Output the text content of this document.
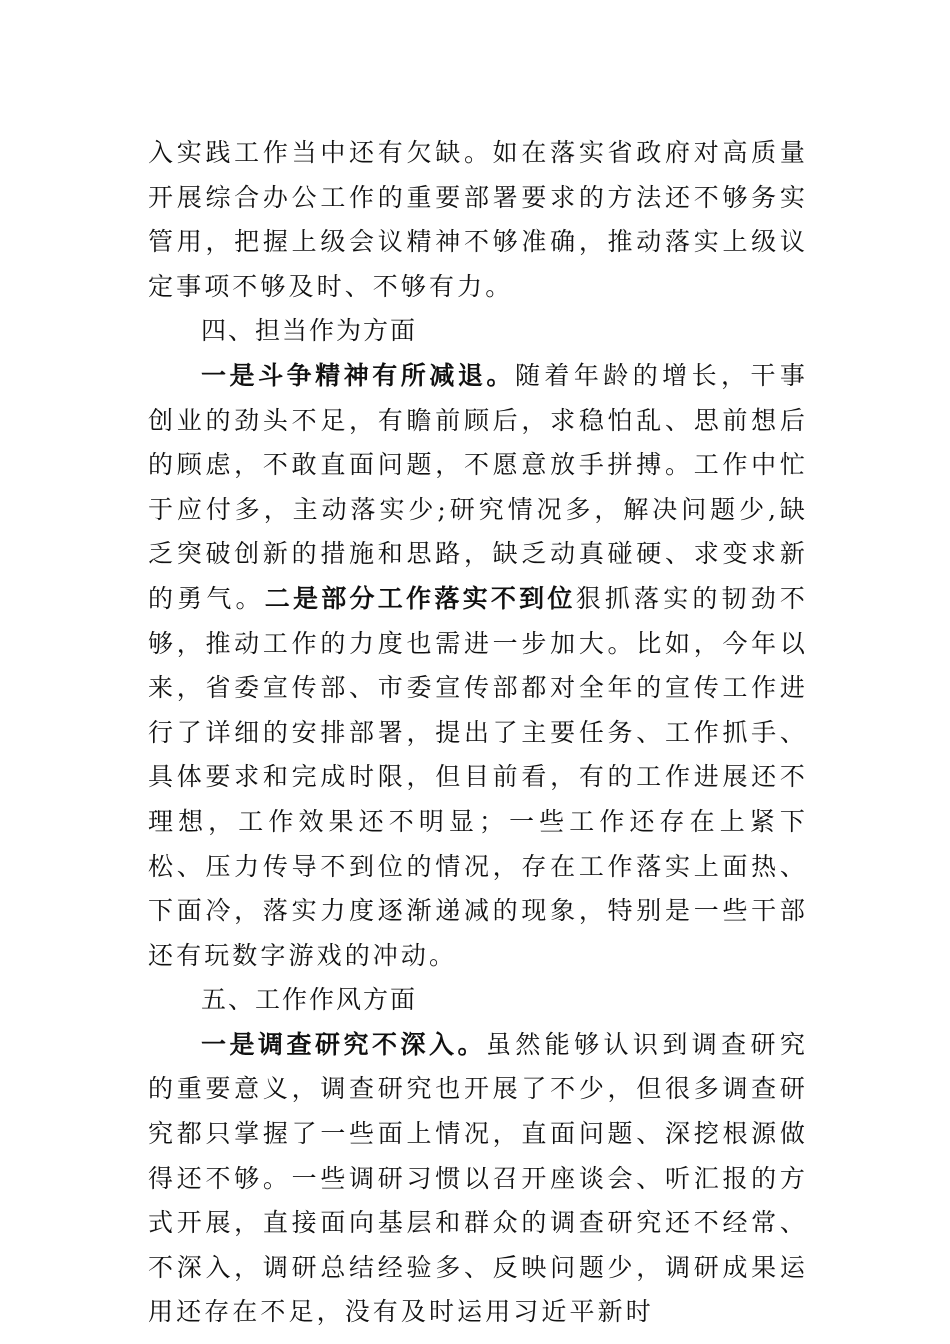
入实践工作当中还有欠缺。如在落实省政府对高质量开展综合办公工作的重要部署要求的方法还不够务实管用，把握上级会议精神不够准确，推动落实上级议定事项不够及时、不够有力。

四、担当作为方面

一是斗争精神有所减退。随着年龄的增长，干事创业的劲头不足，有瞻前顾后，求稳怕乱、思前想后的顾虑，不敢直面问题，不愿意放手拼搏。工作中忙于应付多，主动落实少;研究情况多，解决问题少,缺乏突破创新的措施和思路，缺乏动真碰硬、求变求新的勇气。二是部分工作落实不到位狠抓落实的韧劲不够，推动工作的力度也需进一步加大。比如，今年以来，省委宣传部、市委宣传部都对全年的宣传工作进行了详细的安排部署，提出了主要任务、工作抓手、具体要求和完成时限，但目前看，有的工作进展还不理想，工作效果还不明显；一些工作还存在上紧下松、压力传导不到位的情况，存在工作落实上面热、下面冷，落实力度逐渐递减的现象，特别是一些干部还有玩数字游戏的冲动。

五、工作作风方面

一是调查研究不深入。虽然能够认识到调查研究的重要意义，调查研究也开展了不少，但很多调查研究都只掌握了一些面上情况，直面问题、深挖根源做得还不够。一些调研习惯以召开座谈会、听汇报的方式开展，直接面向基层和群众的调查研究还不经常、不深入，调研总结经验多、反映问题少，调研成果运用还存在不足，没有及时运用习近平新时
